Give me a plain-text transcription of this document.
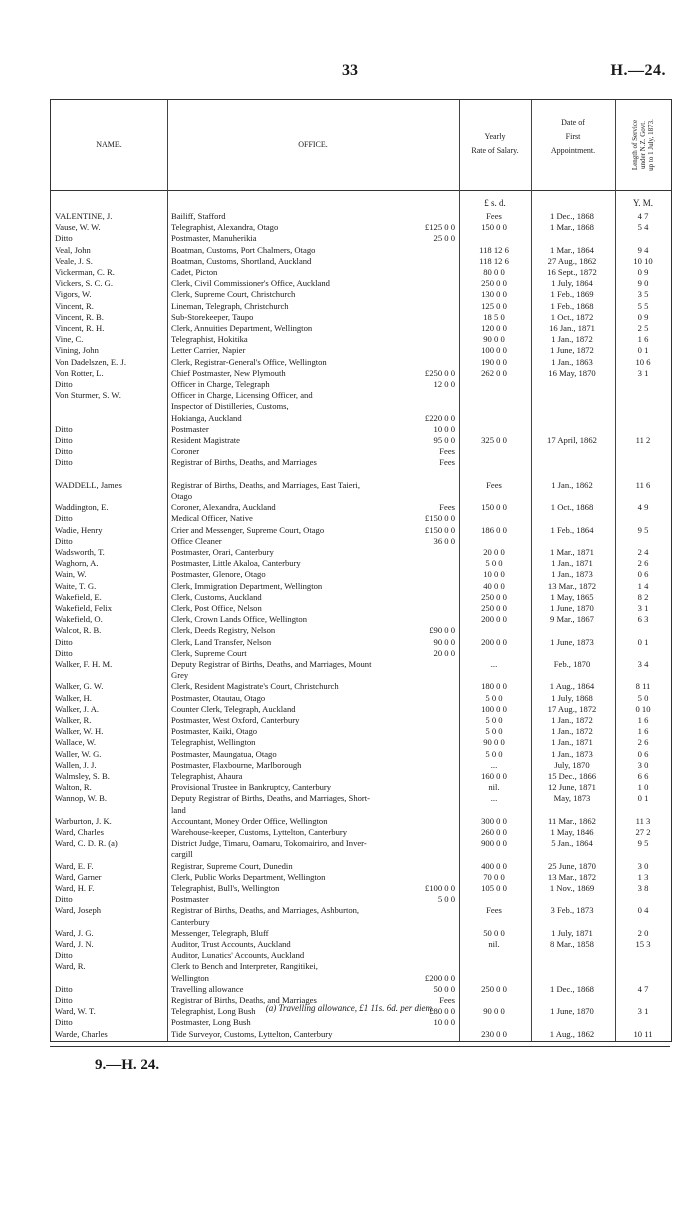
33	H.—24.
NAME.	OFFICE.
Yearly
Rate of Salary.
Date of
First
Appointment.	Length of Service under N.Z. Govt. up to 1 July, 1873.
£ s. d.	Y. M.
VALENTINE, J.	Bailiff, Stafford	Fees	1 Dec., 1868	4 7
Vause, W. W.	Telegraphist, Alexandra, Otago	£125 0 0	150 0 0	1 Mar., 1868	5 4
Ditto	Postmaster, Manuherikia	25 0 0
Veal, John	Boatman, Customs, Port Chalmers, Otago	118 12 6	1 Mar., 1864	9 4
Veale, J. S.	Boatman, Customs, Shortland, Auckland	118 12 6	27 Aug., 1862	10 10
Vickerman, C. R.	Cadet, Picton	80 0 0	16 Sept., 1872	0 9
Vickers, S. C. G.	Clerk, Civil Commissioner's Office, Auckland	250 0 0	1 July, 1864	9 0
Vigors, W.	Clerk, Supreme Court, Christchurch	130 0 0	1 Feb., 1869	3 5
Vincent, R.	Lineman, Telegraph, Christchurch	125 0 0	1 Feb., 1868	5 5
Vincent, R. B.	Sub-Storekeeper, Taupo	18 5 0	1 Oct., 1872	0 9
Vincent, R. H.	Clerk, Annuities Department, Wellington	120 0 0	16 Jan., 1871	2 5
Vine, C.	Telegraphist, Hokitika	90 0 0	1 Jan., 1872	1 6
Vining, John	Letter Carrier, Napier	100 0 0	1 June, 1872	0 1
Von Dadelszen, E. J.	Clerk, Registrar-General's Office, Wellington	190 0 0	1 Jan., 1863	10 6
Von Rotter, L.	Chief Postmaster, New Plymouth	£250 0 0	262 0 0	16 May, 1870	3 1
Ditto	Officer in Charge, Telegraph	12 0 0
Von Sturmer, S. W.	Officer in Charge, Licensing Officer, and
Inspector of Distilleries, Customs,
Hokianga, Auckland	£220 0 0
Ditto	Postmaster	10 0 0
Ditto	Resident Magistrate	95 0 0	325 0 0	17 April, 1862	11 2
Ditto	Coroner	Fees
Ditto	Registrar of Births, Deaths, and Marriages	Fees
WADDELL, James	Registrar of Births, Deaths, and Marriages, East Taieri,	Fees	1 Jan., 1862	11 6
Otago
Waddington, E.	Coroner, Alexandra, Auckland	Fees	150 0 0	1 Oct., 1868	4 9
Ditto	Medical Officer, Native	£150 0 0
Wadie, Henry	Crier and Messenger, Supreme Court, Otago	£150 0 0	186 0 0	1 Feb., 1864	9 5
Ditto	Office Cleaner	36 0 0
Wadsworth, T.	Postmaster, Orari, Canterbury	20 0 0	1 Mar., 1871	2 4
Waghorn, A.	Postmaster, Little Akaloa, Canterbury	5 0 0	1 Jan., 1871	2 6
Wain, W.	Postmaster, Glenore, Otago	10 0 0	1 Jan., 1873	0 6
Waite, T. G.	Clerk, Immigration Department, Wellington	40 0 0	13 Mar., 1872	1 4
Wakefield, E.	Clerk, Customs, Auckland	250 0 0	1 May, 1865	8 2
Wakefield, Felix	Clerk, Post Office, Nelson	250 0 0	1 June, 1870	3 1
Wakefield, O.	Clerk, Crown Lands Office, Wellington	200 0 0	9 Mar., 1867	6 3
Walcot, R. B.	Clerk, Deeds Registry, Nelson	£90 0 0
Ditto	Clerk, Land Transfer, Nelson	90 0 0	200 0 0	1 June, 1873	0 1
Ditto	Clerk, Supreme Court	20 0 0
Walker, F. H. M.	Deputy Registrar of Births, Deaths, and Marriages, Mount	...	Feb., 1870	3 4
Grey
Walker, G. W.	Clerk, Resident Magistrate's Court, Christchurch	180 0 0	1 Aug., 1864	8 11
Walker, H.	Postmaster, Otautau, Otago	5 0 0	1 July, 1868	5 0
Walker, J. A.	Counter Clerk, Telegraph, Auckland	100 0 0	17 Aug., 1872	0 10
Walker, R.	Postmaster, West Oxford, Canterbury	5 0 0	1 Jan., 1872	1 6
Walker, W. H.	Postmaster, Kaiki, Otago	5 0 0	1 Jan., 1872	1 6
Wallace, W.	Telegraphist, Wellington	90 0 0	1 Jan., 1871	2 6
Waller, W. G.	Postmaster, Maungatua, Otago	5 0 0	1 Jan., 1873	0 6
Wallen, J. J.	Postmaster, Flaxbourne, Marlborough	...	July, 1870	3 0
Walmsley, S. B.	Telegraphist, Ahaura	160 0 0	15 Dec., 1866	6 6
Walton, R.	Provisional Trustee in Bankruptcy, Canterbury	nil.	12 June, 1871	1 0
Wannop, W. B.	Deputy Registrar of Births, Deaths, and Marriages, Short-	...	May, 1873	0 1
land
Warburton, J. K.	Accountant, Money Order Office, Wellington	300 0 0	11 Mar., 1862	11 3
Ward, Charles	Warehouse-keeper, Customs, Lyttelton, Canterbury	260 0 0	1 May, 1846	27 2
Ward, C. D. R. (a)	District Judge, Timaru, Oamaru, Tokomairiro, and Inver-	900 0 0	5 Jan., 1864	9 5
cargill
Ward, E. F.	Registrar, Supreme Court, Dunedin	400 0 0	25 June, 1870	3 0
Ward, Garner	Clerk, Public Works Department, Wellington	70 0 0	13 Mar., 1872	1 3
Ward, H. F.	Telegraphist, Bull's, Wellington	£100 0 0	105 0 0	1 Nov., 1869	3 8
Ditto	Postmaster	5 0 0
Ward, Joseph	Registrar of Births, Deaths, and Marriages, Ashburton,	Fees	3 Feb., 1873	0 4
Canterbury
Ward, J. G.	Messenger, Telegraph, Bluff	50 0 0	1 July, 1871	2 0
Ward, J. N.	Auditor, Trust Accounts, Auckland	nil.	8 Mar., 1858	15 3
Ditto	Auditor, Lunatics' Accounts, Auckland
Ward, R.	Clerk to Bench and Interpreter, Rangitikei,
Wellington	£200 0 0
Ditto	Travelling allowance	50 0 0	250 0 0	1 Dec., 1868	4 7
Ditto	Registrar of Births, Deaths, and Marriages	Fees
Ward, W. T.	Telegraphist, Long Bush	£80 0 0	90 0 0	1 June, 1870	3 1
Ditto	Postmaster, Long Bush	10 0 0
Warde, Charles	Tide Surveyor, Customs, Lyttelton, Canterbury	230 0 0	1 Aug., 1862	10 11
(a) Travelling allowance, £1 11s. 6d. per diem.
9.—H. 24.
